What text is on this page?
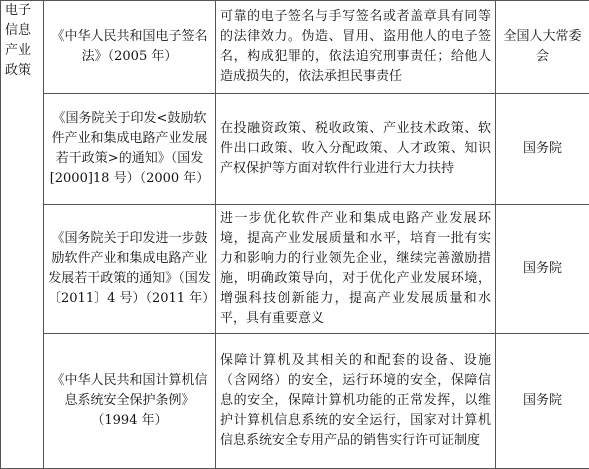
电子
信息
产业
政策	《中华人民共和国电子签名法》（2005 年）	可靠的电子签名与手写签名或者盖章具有同等的法律效力。伪造、冒用、盗用他人的电子签名，构成犯罪的，依法追究刑事责任；给他人造成损失的，依法承担民事责任	全国人大常委会
	《国务院关于印发<鼓励软件产业和集成电路产业发展若干政策>的通知》（国发[2000]18 号）（2000 年）	在投融资政策、税收政策、产业技术政策、软件出口政策、收入分配政策、人才政策、知识产权保护等方面对软件行业进行大力扶持	国务院
	《国务院关于印发进一步鼓励软件产业和集成电路产业发展若干政策的通知》（国发〔2011〕4 号）（2011 年）	进一步优化软件产业和集成电路产业发展环境，提高产业发展质量和水平，培育一批有实力和影响力的行业领先企业，继续完善激励措施，明确政策导向，对于优化产业发展环境，增强科技创新能力，提高产业发展质量和水平，具有重要意义	国务院
	《中华人民共和国计算机信息系统安全保护条例》（1994 年）	保障计算机及其相关的和配套的设备、设施（含网络）的安全，运行环境的安全，保障信息的安全，保障计算机功能的正常发挥，以维护计算机信息系统的安全运行，国家对计算机信息系统安全专用产品的销售实行许可证制度	国务院
